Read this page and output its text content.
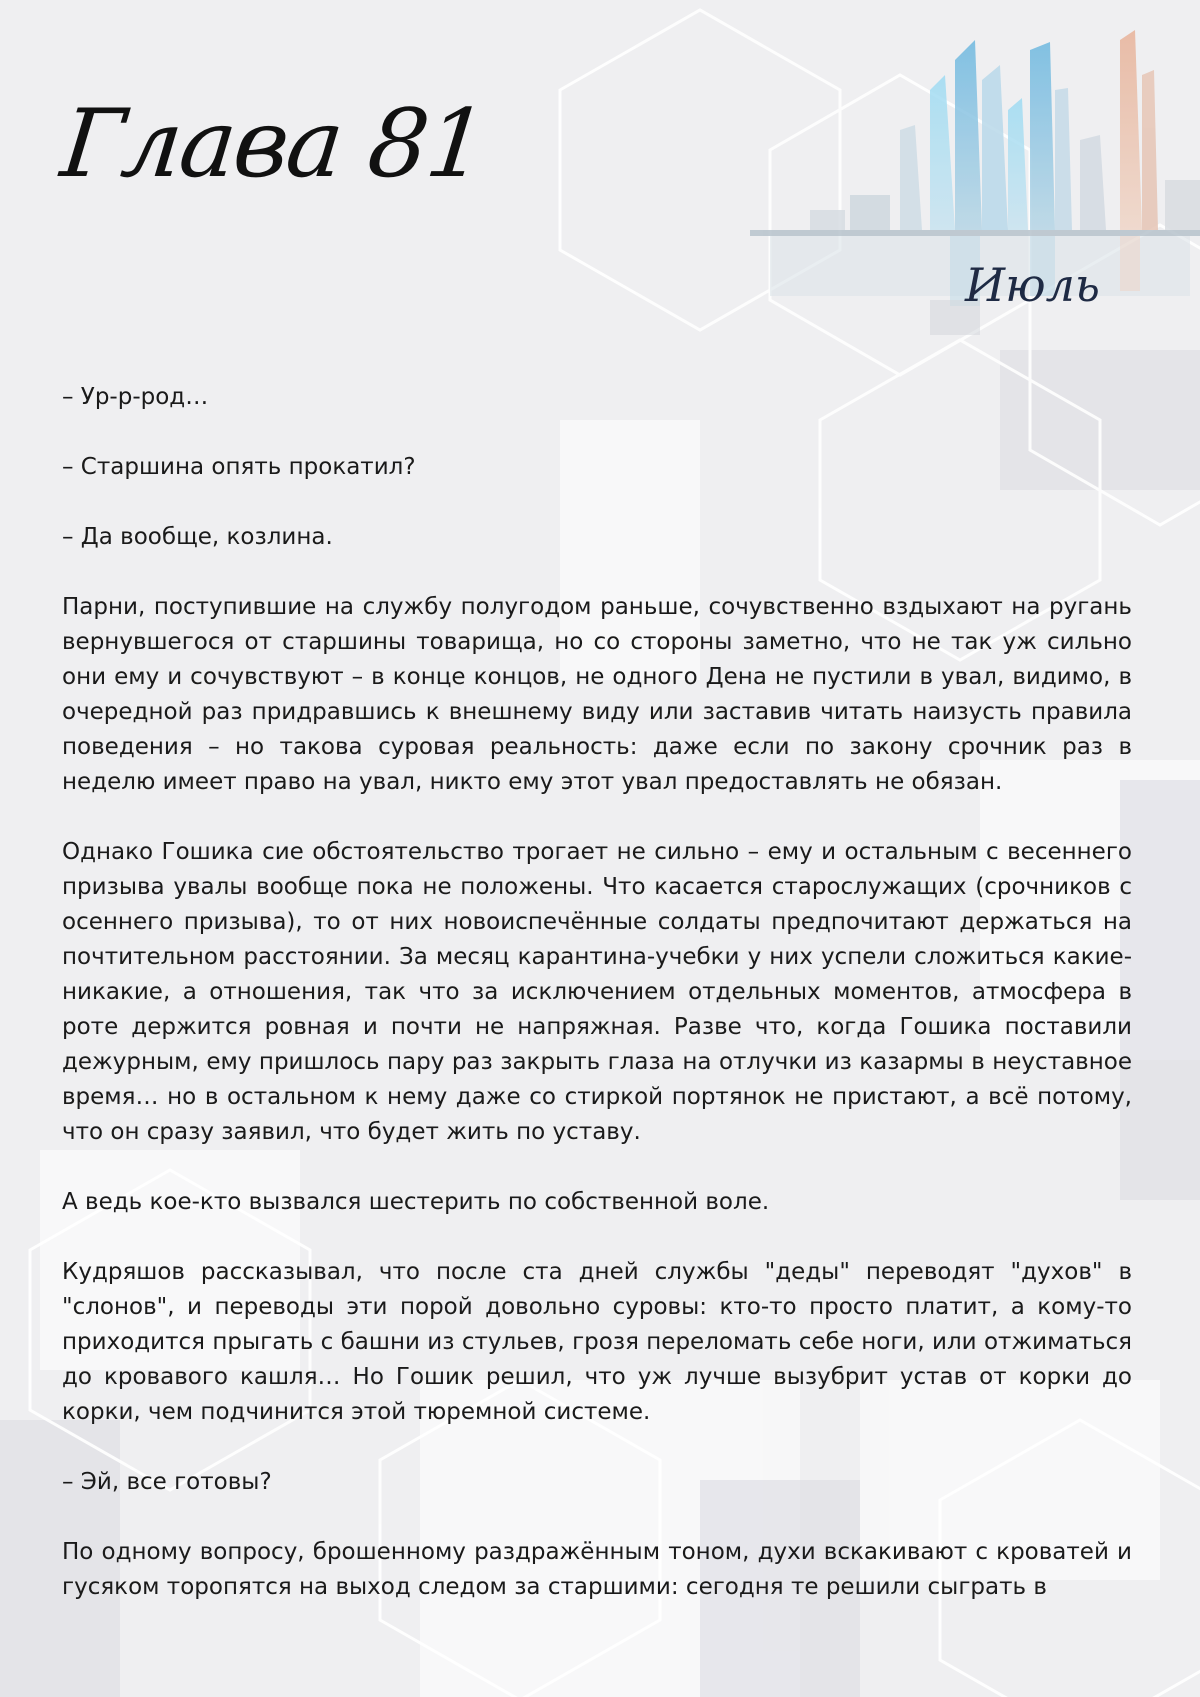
Глава 81
Июль

– Ур-р-род…

– Старшина опять прокатил?

– Да вообще, козлина.

Парни, поступившие на службу полугодом раньше, сочувственно вздыхают на ругань вернувшегося от старшины товарища, но со стороны заметно, что не так уж сильно они ему и сочувствуют – в конце концов, не одного Дена не пустили в увал, видимо, в очередной раз придравшись к внешнему виду или заставив читать наизусть правила поведения – но такова суровая реальность: даже если по закону срочник раз в неделю имеет право на увал, никто ему этот увал предоставлять не обязан.

Однако Гошика сие обстоятельство трогает не сильно – ему и остальным с весеннего призыва увалы вообще пока не положены. Что касается старослужащих (срочников с осеннего призыва), то от них новоиспечённые солдаты предпочитают держаться на почтительном расстоянии. За месяц карантина-учебки у них успели сложиться какие-никакие, а отношения, так что за исключением отдельных моментов, атмосфера в роте держится ровная и почти не напряжная. Разве что, когда Гошика поставили дежурным, ему пришлось пару раз закрыть глаза на отлучки из казармы в неуставное время… но в остальном к нему даже со стиркой портянок не пристают, а всё потому, что он сразу заявил, что будет жить по уставу.

А ведь кое-кто вызвался шестерить по собственной воле.

Кудряшов рассказывал, что после ста дней службы "деды" переводят "духов" в "слонов", и переводы эти порой довольно суровы: кто-то просто платит, а кому-то приходится прыгать с башни из стульев, грозя переломать себе ноги, или отжиматься до кровавого кашля… Но Гошик решил, что уж лучше вызубрит устав от корки до корки, чем подчинится этой тюремной системе.

– Эй, все готовы?

По одному вопросу, брошенному раздражённым тоном, духи вскакивают с кроватей и гусяком торопятся на выход следом за старшими: сегодня те решили сыграть в
